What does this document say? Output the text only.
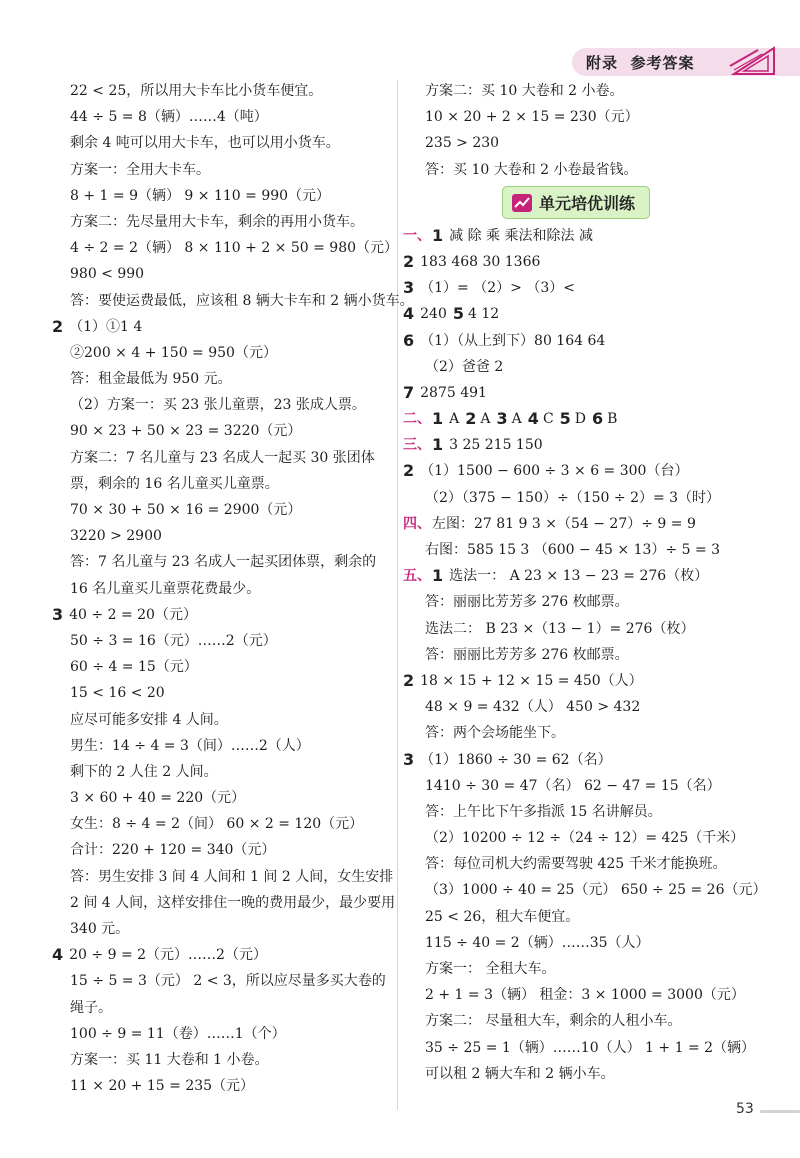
附录 参考答案
22 < 25，所以用大卡车比小货车便宜。
44 ÷ 5 = 8（辆）……4（吨）
剩余 4 吨可以用大卡车，也可以用小货车。
方案一：全用大卡车。
8 + 1 = 9（辆） 9 × 110 = 990（元）
方案二：先尽量用大卡车，剩余的再用小货车。
4 ÷ 2 = 2（辆） 8 × 110 + 2 × 50 = 980（元）
980 < 990
答：要使运费最低，应该租 8 辆大卡车和 2 辆小货车。
2 （1）①1 4
②200 × 4 + 150 = 950（元）
答：租金最低为 950 元。
（2）方案一：买 23 张儿童票，23 张成人票。
90 × 23 + 50 × 23 = 3220（元）
方案二：7 名儿童与 23 名成人一起买 30 张团体
票，剩余的 16 名儿童买儿童票。
70 × 30 + 50 × 16 = 2900（元）
3220 > 2900
答：7 名儿童与 23 名成人一起买团体票，剩余的
16 名儿童买儿童票花费最少。
3 40 ÷ 2 = 20（元）
50 ÷ 3 = 16（元）……2（元）
60 ÷ 4 = 15（元）
15 < 16 < 20
应尽可能多安排 4 人间。
男生：14 ÷ 4 = 3（间）……2（人）
剩下的 2 人住 2 人间。
3 × 60 + 40 = 220（元）
女生：8 ÷ 4 = 2（间） 60 × 2 = 120（元）
合计：220 + 120 = 340（元）
答：男生安排 3 间 4 人间和 1 间 2 人间，女生安排
2 间 4 人间，这样安排住一晚的费用最少，最少要用
340 元。
4 20 ÷ 9 = 2（元）……2（元）
15 ÷ 5 = 3（元） 2 < 3，所以应尽量多买大卷的
绳子。
100 ÷ 9 = 11（卷）……1（个）
方案一：买 11 大卷和 1 小卷。
11 × 20 + 15 = 235（元）
方案二：买 10 大卷和 2 小卷。
10 × 20 + 2 × 15 = 230（元）
235 > 230
答：买 10 大卷和 2 小卷最省钱。
单元培优训练
一、 1 减 除 乘 乘法和除法 减
2 183 468 30 1366
3 （1）= （2）> （3）<
4 240 5 4 12
6 （1）（从上到下）80 164 64
（2）爸爸 2
7 2875 491
二、 1 A 2 A 3 A 4 C 5 D 6 B
三、 1 3 25 215 150
2 （1）1500 − 600 ÷ 3 × 6 = 300（台）
（2）（375 − 150）÷（150 ÷ 2）= 3（时）
四、 左图：27 81 9 3 ×（54 − 27）÷ 9 = 9
右图：585 15 3 （600 − 45 × 13）÷ 5 = 3
五、 1 选法一： A 23 × 13 − 23 = 276（枚）
答：丽丽比芳芳多 276 枚邮票。
选法二： B 23 ×（13 − 1）= 276（枚）
答：丽丽比芳芳多 276 枚邮票。
2 18 × 15 + 12 × 15 = 450（人）
48 × 9 = 432（人） 450 > 432
答：两个会场能坐下。
3 （1）1860 ÷ 30 = 62（名）
1410 ÷ 30 = 47（名） 62 − 47 = 15（名）
答：上午比下午多指派 15 名讲解员。
（2）10200 ÷ 12 ÷（24 ÷ 12）= 425（千米）
答：每位司机大约需要驾驶 425 千米才能换班。
（3）1000 ÷ 40 = 25（元） 650 ÷ 25 = 26（元）
25 < 26，租大车便宜。
115 ÷ 40 = 2（辆）……35（人）
方案一： 全租大车。
2 + 1 = 3（辆） 租金：3 × 1000 = 3000（元）
方案二： 尽量租大车，剩余的人租小车。
35 ÷ 25 = 1（辆）……10（人） 1 + 1 = 2（辆）
可以租 2 辆大车和 2 辆小车。
53
